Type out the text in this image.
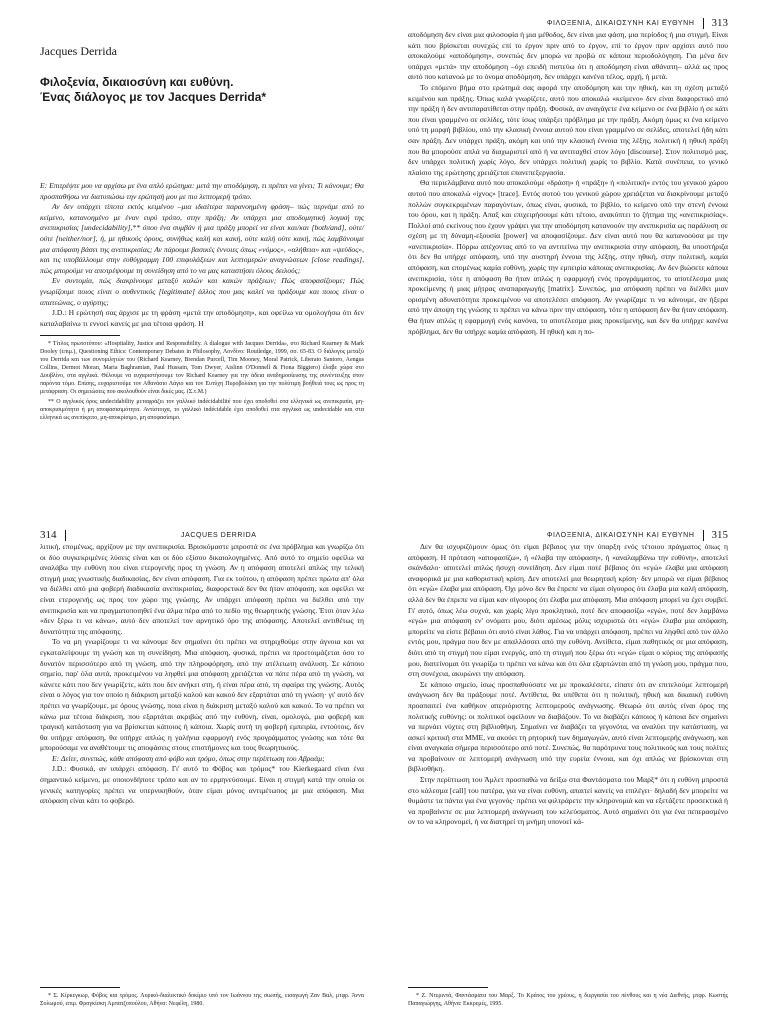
Jacques Derrida
Φιλοξενία, δικαιοσύνη και ευθύνη.
Ένας διάλογος με τον Jacques Derrida*

Ε: Επιτρέψτε μου να αρχίσω με ένα απλό ερώτημα: μετά την αποδόμηση, τι πρέπει να γίνει; Τι κάνουμε; Θα προσπαθήσω να διατυπώσω την ερώτησή μου με πιο λεπτομερή τρόπο.

Αν δεν υπάρχει τίποτα εκτός κειμένου –μια ιδιαίτερα παρανοημένη φράση– πώς περνάμε από το κείμενο, κατανοημένο με έναν ευρύ τρόπο, στην πράξη; Αν υπάρχει μια αποδομητική λογική της ανεπικρισίας [undecidability],** όπου ένα συμβάν ή μια πράξη μπορεί να είναι και/και [both/and], ούτε/ούτε [neither/nor], ή, με ηθικούς όρους, συνήθως καλή και κακή, ούτε καλή ούτε κακή, πώς λαμβάνουμε μια απόφαση βάσει της ανεπικρισίας; Αν πάρουμε βασικές έννοιες όπως «νόμος», «αλήθεια» και «ψεύδος», και τις υποβάλλουμε στην ευθύγραμμη 100 επιφυλάξεων και λεπτομερών αναγνώσεων [close readings], πώς μπορούμε να αποτρέψουμε τη συνείδηση από το να μας καταστήσει όλους δειλούς;

Εν συντομία, πώς διακρίνουμε μεταξύ καλών και κακών πράξεων; Πώς αποφασίζουμε; Πώς γνωρίζουμε ποιος είναι ο αυθεντικός [legitimate] άλλος που μας καλεί να πράξουμε και ποιος είναι ο απατεώνας, ο αγύρτης;

J.D.: Η ερώτησή σας άρχισε με τη φράση «μετά την αποδόμηση», και οφείλω να ομολογήσω ότι δεν καταλαβαίνω τι εννοεί κανείς με μια τέτοια φράση. Η

* Τίτλος πρωτοτύπου: «Hospitality, Justice and Responsibility. A dialogue with Jacques Derrida», στο Richard Kearney & Mark Dooley (επιμ.), Questioning Ethics: Contemporary Debates in Philosophy, Λονδίνο: Routledge, 1999, σσ. 65-83. Ο διάλογος μεταξύ του Derrida και των συνομιλητών του (Richard Kearney, Brendan Purcell, Tim Mooney, Moral Patrick, Liberato Santoro, Aengus Collins, Dermot Moran, Maria Baghramian, Paul Hussain, Tom Dwyer, Aislinn O'Donnell & Fiona Biggiero) έλαβε χώρα στο Δουβλίνο, στα αγγλικά. Θέλουμε να ευχαριστήσουμε τον Richard Kearney για την άδεια αναδημοσίευσης της συνέντευξης στον παρόντα τόμο. Επίσης, ευχαριστούμε τον Αθανάσιο Λάγιο και τον Ευτύχη Πυροβολάκη για την πολύτιμη βοήθειά τους ως προς τη μετάφραση. Οι σημειώσεις που ακολουθούν είναι δικές μας. (Σ.τ.Μ.)

** Ο αγγλικός όρος undecidability μεταφράζει τον γαλλικό indécidabilité που έχει αποδοθεί στα ελληνικά ως ανεπικρισία, μη-αποκρισιμότητα ή μη αποφασισιμότητα. Αντίστοιχα, το γαλλικό indécidable έχει αποδοθεί στα αγγλικά ως undecidable και στα ελληνικά ως ανεπίκριτο, μη-αποκρίσιμο, μη αποφασίσιμο.

ΦΙΛΟΞΕΝΙΑ, ΔΙΚΑΙΟΣΥΝΗ ΚΑΙ ΕΥΘΥΝΗ 313

αποδόμηση δεν είναι μια φιλοσοφία ή μια μέθοδος, δεν είναι μια φάση, μια περίοδος ή μια στιγμή. Είναι κάτι που βρίσκεται συνεχώς επί το έργον πριν από το έργον, επί το έργον πριν αρχίσει αυτό που αποκαλούμε «αποδόμηση», συνεπώς δεν μπορώ να προβώ σε κάποια περιοδολόγηση. Για μένα δεν υπάρχει «μετά» την αποδόμηση –όχι επειδή πιστεύω ότι η αποδόμηση είναι αθάνατη– αλλά ως προς αυτό που κατανοώ με το όνομα αποδόμηση, δεν υπάρχει κανένα τέλος, αρχή, ή μετά.

Το επόμενο βήμα στο ερώτημά σας αφορά την αποδόμηση και την ηθική, και τη σχέση μεταξύ κειμένου και πράξης. Όπως καλά γνωρίζετε, αυτό που αποκαλώ «κείμενο» δεν είναι διαφορετικό από την πράξη ή δεν αντιπαρατίθεται στην πράξη. Φυσικά, αν αναγάγετε ένα κείμενο σε ένα βιβλίο ή σε κάτι που είναι γραμμένο σε σελίδες, τότε ίσως υπάρξει πρόβλημα με την πράξη. Ακόμη όμως κι ένα κείμενο υπό τη μορφή βιβλίου, υπό την κλασική έννοια αυτού που είναι γραμμένο σε σελίδες, αποτελεί ήδη κάτι σαν πράξη. Δεν υπάρχει πράξη, ακόμη και υπό την κλασική έννοια της λέξης, πολιτική ή ηθική πράξη που θα μπορούσε απλά να διαχωριστεί από ή να αντιταχθεί στον λόγο [discourse]. Στον πολιτισμό μας, δεν υπάρχει πολιτική χωρίς λόγο, δεν υπάρχει πολιτική χωρίς το βιβλίο. Κατά συνέπεια, το γενικό πλαίσιο της ερώτησης χρειάζεται επανεπεξεργασία.

Θα περιελάμβανα αυτό που αποκαλούμε «δράση» ή «πράξη» ή «πολιτική» εντός του γενικού χώρου αυτού που αποκαλώ «ίχνος» [trace]. Εντός αυτού του γενικού χώρου χρειάζεται να διακρίνουμε μεταξύ πολλών συγκεκριμένων παραγόντων, όπως είναι, φυσικά, το βιβλίο, το κείμενο υπό την στενή έννοια του όρου, και η πράξη. Απαξ και επιχειρήσουμε κάτι τέτοιο, ανακύπτει το ζήτημα της «ανεπικρισίας». Πολλοί από εκείνους που έχουν γράψει για την αποδόμηση κατανοούν την ανεπικρισία ως παράλυση σε σχέση με τη δύναμη-εξουσία [power] να αποφασίζουμε. Δεν είναι αυτό που θα κατανοούσα με την «ανεπικρισία». Πόρρω απέχοντας από το να αντιτείνω την ανεπικρισία στην απόφαση, θα υποστήριζα ότι δεν θα υπήρχε απόφαση, υπό την αυστηρή έννοια της λέξης, στην ηθική, στην πολιτική, καμία απόφαση, και επομένως καμία ευθύνη, χωρίς την εμπειρία κάποιας ανεπικρισίας. Αν δεν βιώσετε κάποια ανεπικρισία, τότε η απόφαση θα ήταν απλώς η εφαρμογή ενός προγράμματος, το αποτέλεσμα μιας προκείμενης ή μιας μήτρας αναπαραγωγής [matrix]. Συνεπώς, μια απόφαση πρέπει να διέλθει μιαν ορισμένη αδυνατότητα προκειμένου να αποτελέσει απόφαση. Αν γνωρίζαμε τι να κάνουμε, αν ήξερα από την άποψη της γνώσης τι πρέπει να κάνω πριν την απόφαση, τότε η απόφαση δεν θα ήταν απόφαση. Θα ήταν απλώς η εφαρμογή ενός κανόνα, το αποτέλεσμα μιας προκείμενης, και δεν θα υπήρχε κανένα πρόβλημα, δεν θα υπήρχε καμία απόφαση. Η ηθική και η πο-

314	JACQUES DERRIDA

λιτική, επομένως, αρχίζουν με την ανεπικρισία. Βρισκόμαστε μπροστά σε ένα πρόβλημα και γνωρίζω ότι οι δύο συγκεκριμένες λύσεις είναι και οι δύο εξίσου δικαιολογημένες. Από αυτό το σημείο οφείλω να αναλάβω την ευθύνη που είναι ετερογενής προς τη γνώση. Αν η απόφαση αποτελεί απλώς την τελική στιγμή μιας γνωστικής διαδικασίας, δεν είναι απόφαση. Για εκ τούτου, η απόφαση πρέπει πρώτα απ' όλα να διέλθει από μια φοβερή διαδικασία ανεπικρισίας, διαφορετικά δεν θα ήταν απόφαση, και οφείλει να είναι ετερογενής ως προς τον χώρο της γνώσης. Αν υπάρχει απόφαση πρέπει να διέλθει από την ανεπικρισία και να πραγματοποιηθεί ένα άλμα πέρα από το πεδίο της θεωρητικής γνώσης. Έτσι όταν λέω «δεν ξέρω τι να κάνω», αυτό δεν αποτελεί τον αρνητικό όρο της απόφασης. Αποτελεί αντιθέτως τη δυνατότητα της απόφασης.

Το να μη γνωρίζουμε τι να κάνουμε δεν σημαίνει ότι πρέπει να στηριχθούμε στην άγνοια και να εγκαταλείψουμε τη γνώση και τη συνείδηση. Μια απόφαση, φυσικά, πρέπει να προετοιμάζεται όσο το δυνατόν περισσότερο από τη γνώση, από την πληροφόρηση, από την ατέλειωτη ανάλυση. Σε κάποιο σημείο, παρ' όλα αυτά, προκειμένου να ληφθεί μια απόφαση χρειάζεται να πάτε πέρα από τη γνώση, να κάνετε κάτι που δεν γνωρίζετε, κάτι που δεν ανήκει στη, ή είναι πέρα από, τη σφαίρα της γνώσης. Αυτός είναι ο λόγος για τον οποίο η διάκριση μεταξύ καλού και κακού δεν εξαρτάται από τη γνώση· γι' αυτό δεν πρέπει να γνωρίζουμε, με όρους γνώσης, ποια είναι η διάκριση μεταξύ καλού και κακού. Το να πρέπει να κάνω μια τέτοια διάκριση, που εξαρτάται ακριβώς από την ευθύνη, είναι, ομολογώ, μια φοβερή και τραγική κατάσταση για να βρίσκεται κάποιος ή κάποια. Χωρίς αυτή τη φοβερή εμπειρία, εντούτοις, δεν θα υπήρχε απόφαση, θα υπήρχε απλώς η γαλήνια εφαρμογή ενός προγράμματος γνώσης και τότε θα μπορούσαμε να αναθέτουμε τις αποφάσεις στους επιστήμονες και τους θεωρητικούς.

Ε: Δείτε, συνεπώς, κάθε απόφαση από φόβο και τρόμο, όπως στην περίπτωση του Αβραάμ;

J.D.: Φυσικά, αν υπάρχει απόφαση. Γι' αυτό το Φόβος και τρόμος* του Kierkegaard είναι ένα σημαντικό κείμενο, με οποιονδήποτε τρόπο και αν το ερμηνεύσουμε. Είναι η στιγμή κατά την οποία οι γενικές κατηγορίες πρέπει να υπερνικηθούν, όταν είμαι μόνος αντιμέτωπος με μια απόφαση. Μια απόφαση είναι κάτι το φοβερό.

* Σ. Κίρκεγκωρ, Φόβος και τρόμος. Λυρικό-διαλεκτικό δοκίμιο υπό τον Ιωάννου της σιωπής, εισαγωγή Ζαν Βαλ, μτφρ. Άννα Σολωμού, επιμ. Φραγκίσκη Αμπατζοπούλου, Αθήνα: Νεφέλη, 1980.

ΦΙΛΟΞΕΝΙΑ, ΔΙΚΑΙΟΣΥΝΗ ΚΑΙ ΕΥΘΥΝΗ 315

Δεν θα ισχυριζόμουν όμως ότι είμαι βέβαιος για την ύπαρξη ενός τέτοιου πράγματος όπως η απόφαση. Η πρόταση «αποφασίζω», ή «έλαβα την απόφαση», ή «αναλαμβάνω την ευθύνη», αποτελεί σκάνδαλο· αποτελεί απλώς ήσυχη συνείδηση. Δεν είμαι ποτέ βέβαιος ότι «εγώ» έλαβα μια απόφαση αναφορικά με μια καθοριστική κρίση. Δεν αποτελεί μια θεωρητική κρίση· δεν μπορώ να είμαι βέβαιος ότι «εγώ» έλαβα μια απόφαση. Όχι μόνο δεν θα έπρεπε να είμαι σίγουρος ότι έλαβα μια καλή απόφαση, αλλά δεν θα έπρεπε να είμαι καν σίγουρος ότι έλαβα μια απόφαση. Μια απόφαση μπορεί να έχει συμβεί. Γι' αυτό, όπως λέω συχνά, και χωρίς λίγο προκλητικό, ποτέ δεν αποφασίζω «εγώ», ποτέ δεν λαμβάνω «εγώ» μια απόφαση εν' ονόματι μου, διότι αμέσως μόλις ισχυριστώ ότι «εγώ» έλαβα μια απόφαση, μπορείτε να είστε βέβαιοι ότι αυτό είναι λάθος. Για να υπάρχει απόφαση, πρέπει να ληφθεί από τον άλλο εντός μου, πράγμα που δεν με απαλλάσσει από την ευθύνη. Αντίθετα, είμαι παθητικός σε μια απόφαση, διότι από τη στιγμή που είμαι ενεργός, από τη στιγμή που ξέρω ότι «εγώ» είμαι ο κύριος της απόφασής μου, διατείνομαι ότι γνωρίζω τι πρέπει να κάνω και ότι όλα εξαρτώνται από τη γνώση μου, πράγμα που, στη συνέχεια, ακυρώνει την απόφαση.

Σε κάποιο σημείο, ίσως προσπαθούσατε να με προκαλέσετε, είπατε ότι αν επιτελούμε λεπτομερή ανάγνωση δεν θα πράξουμε ποτέ. Αντίθετα, θα υπέθετα ότι η πολιτική, ηθική και δικαιική ευθύνη προαπαιτεί ένα καθήκον απεριόριστης λεπτομερούς ανάγνωσης. Θεωρώ ότι αυτός είναι όρος της πολιτικής ευθύνης: οι πολιτικοί οφείλουν να διαβάζουν. Το να διαβάζει κάποιος ή κάποια δεν σημαίνει να περνάει νύχτες στη βιβλιοθήκη. Σημαίνει να διαβάζει τα γεγονότα, να αναλύει την κατάσταση, να ασκεί κριτική στα ΜΜΕ, να ακούει τη ρητορική των δημαγωγών, αυτό είναι λεπτομερής ανάγνωση, και είναι αναγκαία σήμερα περισσότερο από ποτέ. Συνεπώς, θα παρότρυνα τους πολιτικούς και τους πολίτες να προβαίνουν σε λεπτομερή ανάγνωση υπό την ευρεία έννοια, και όχι απλώς να βρίσκονται στη βιβλιοθήκη.

Στην περίπτωση του Άμλετ προσπαθώ να δείξω στα Φαντάσματα του Μαρξ* ότι η ευθύνη μπροστά στο κάλεσμα [call] του πατέρα, για να είναι ευθύνη, απαιτεί κανείς να επιλέγει· δηλαδή δεν μπορείτε να θυμάστε τα πάντα για ένα γεγονός· πρέπει να φιλτράρετε την κληρονομιά και να εξετάζετε προσεκτικά ή να προβαίνετε σε μια λεπτομερή ανάγνωση του κελεύσματος. Αυτό σημαίνει ότι για ένα πεπερασμένο ον το να κληρονομεί, ή να διατηρεί τη μνήμη υπονοεί κά-

* Ζ. Ντεριντά, Φαντάσματα του Μαρξ. Το Κράτος του χρέους, η διεργασία του πένθους και η νέα Διεθνής, μτφρ. Κωστής Παπαγιώργης, Αθήνα: Εκκρεμές, 1995.
